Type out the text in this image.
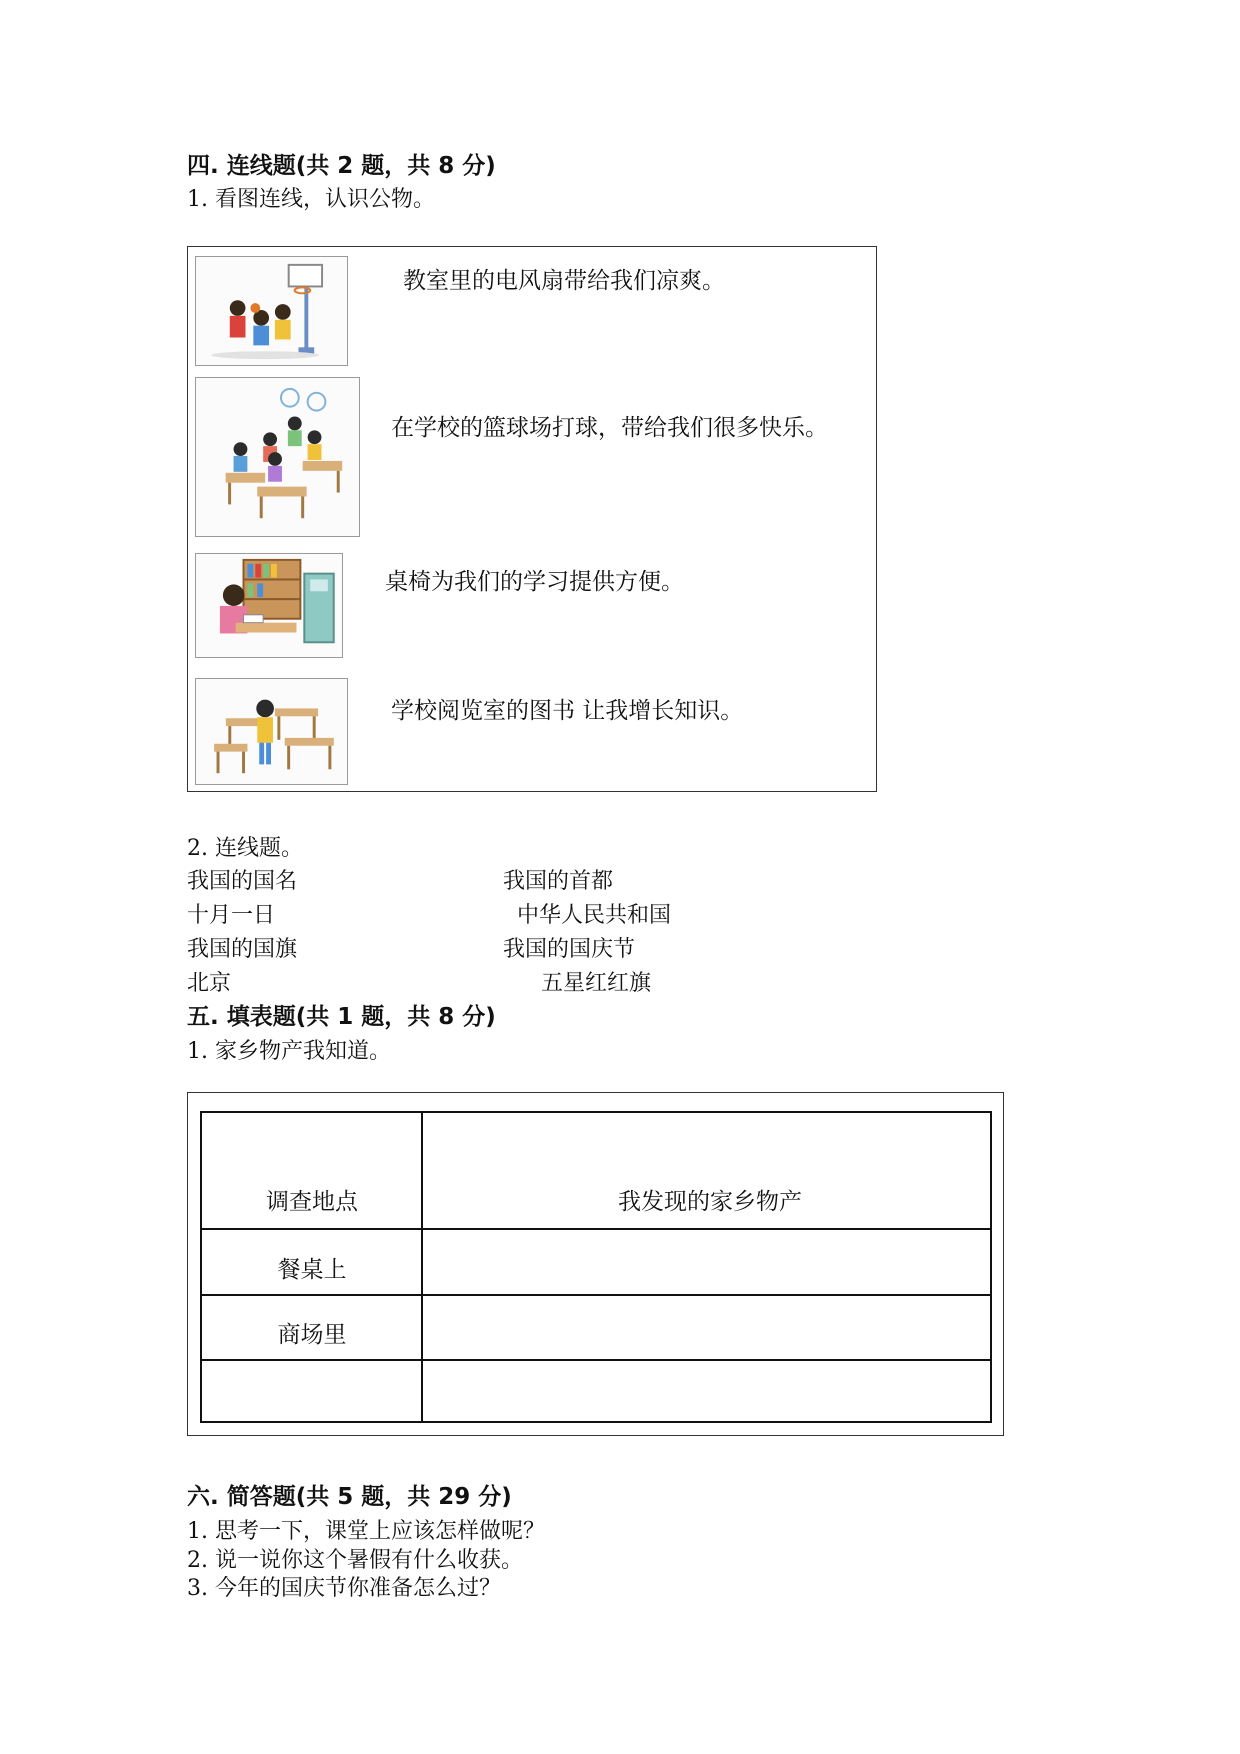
四. 连线题(共 2 题，共 8 分)
1. 看图连线，认识公物。
教室里的电风扇带给我们凉爽。
在学校的篮球场打球，带给我们很多快乐。
桌椅为我们的学习提供方便。
学校阅览室的图书 让我增长知识。
2. 连线题。
我国的国名
十月一日
我国的国旗
北京
我国的首都
中华人民共和国
我国的国庆节
五星红红旗
五. 填表题(共 1 题，共 8 分)
1. 家乡物产我知道。
调查地点	我发现的家乡物产
餐桌上
商场里
六. 简答题(共 5 题，共 29 分)
1. 思考一下，课堂上应该怎样做呢？
2. 说一说你这个暑假有什么收获。
3. 今年的国庆节你准备怎么过？
